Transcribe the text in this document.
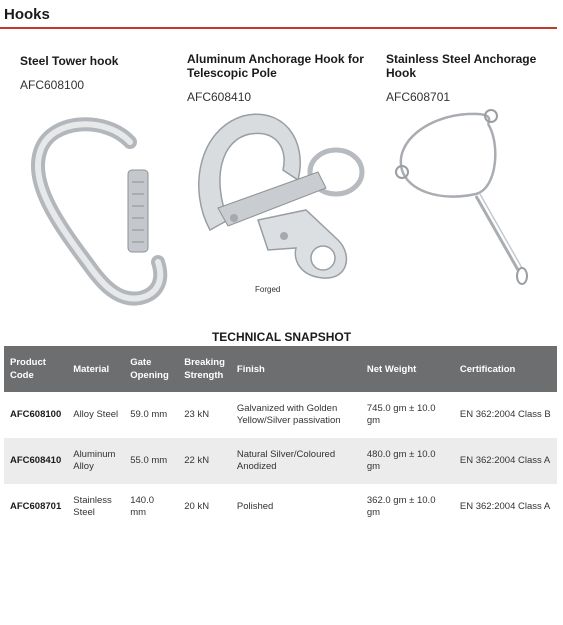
Hooks
Steel Tower hook
AFC608100
Aluminum Anchorage Hook for Telescopic Pole
AFC608410
Forged
Stainless Steel Anchorage Hook
AFC608701
TECHNICAL SNAPSHOT
Product Code	Material	Gate Opening	Breaking Strength	Finish	Net Weight	Certification
AFC608100	Alloy Steel	59.0 mm	23 kN	Galvanized with Golden Yellow/Silver passivation	745.0 gm ± 10.0 gm	EN 362:2004 Class B
AFC608410	Aluminum Alloy	55.0 mm	22 kN	Natural Silver/Coloured Anodized	480.0 gm ± 10.0 gm	EN 362:2004 Class A
AFC608701	Stainless Steel	140.0 mm	20 kN	Polished	362.0 gm ± 10.0 gm	EN 362:2004 Class A
